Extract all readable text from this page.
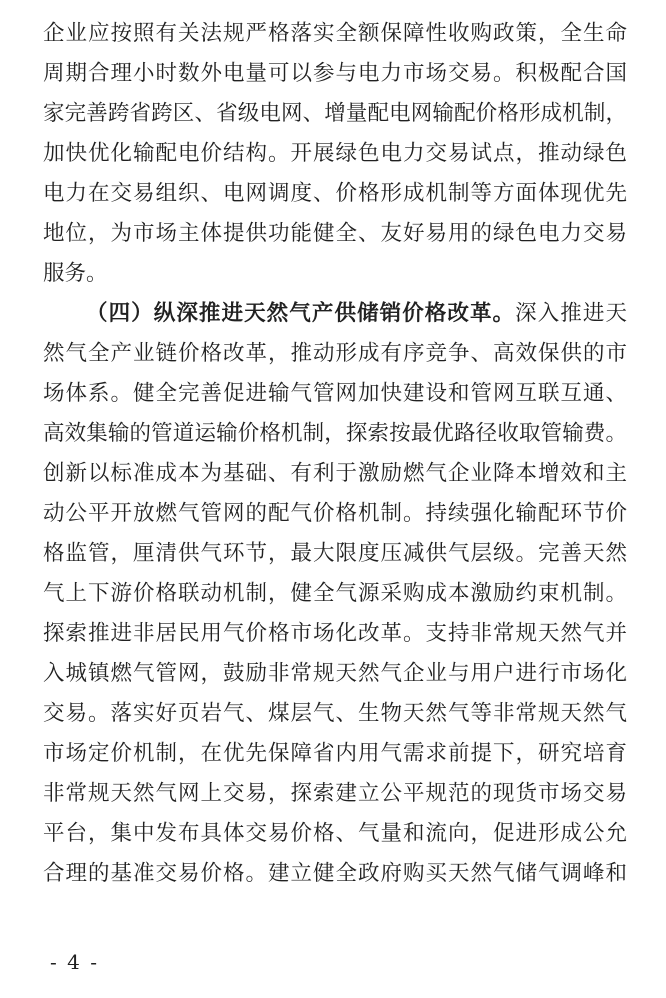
企业应按照有关法规严格落实全额保障性收购政策，全生命
周期合理小时数外电量可以参与电力市场交易。积极配合国
家完善跨省跨区、省级电网、增量配电网输配价格形成机制，
加快优化输配电价结构。开展绿色电力交易试点，推动绿色
电力在交易组织、电网调度、价格形成机制等方面体现优先
地位，为市场主体提供功能健全、友好易用的绿色电力交易
服务。
（四）纵深推进天然气产供储销价格改革。深入推进天
然气全产业链价格改革，推动形成有序竞争、高效保供的市
场体系。健全完善促进输气管网加快建设和管网互联互通、
高效集输的管道运输价格机制，探索按最优路径收取管输费。
创新以标准成本为基础、有利于激励燃气企业降本增效和主
动公平开放燃气管网的配气价格机制。持续强化输配环节价
格监管，厘清供气环节，最大限度压减供气层级。完善天然
气上下游价格联动机制，健全气源采购成本激励约束机制。
探索推进非居民用气价格市场化改革。支持非常规天然气并
入城镇燃气管网，鼓励非常规天然气企业与用户进行市场化
交易。落实好页岩气、煤层气、生物天然气等非常规天然气
市场定价机制，在优先保障省内用气需求前提下，研究培育
非常规天然气网上交易，探索建立公平规范的现货市场交易
平台，集中发布具体交易价格、气量和流向，促进形成公允
合理的基准交易价格。建立健全政府购买天然气储气调峰和
- 4 -
